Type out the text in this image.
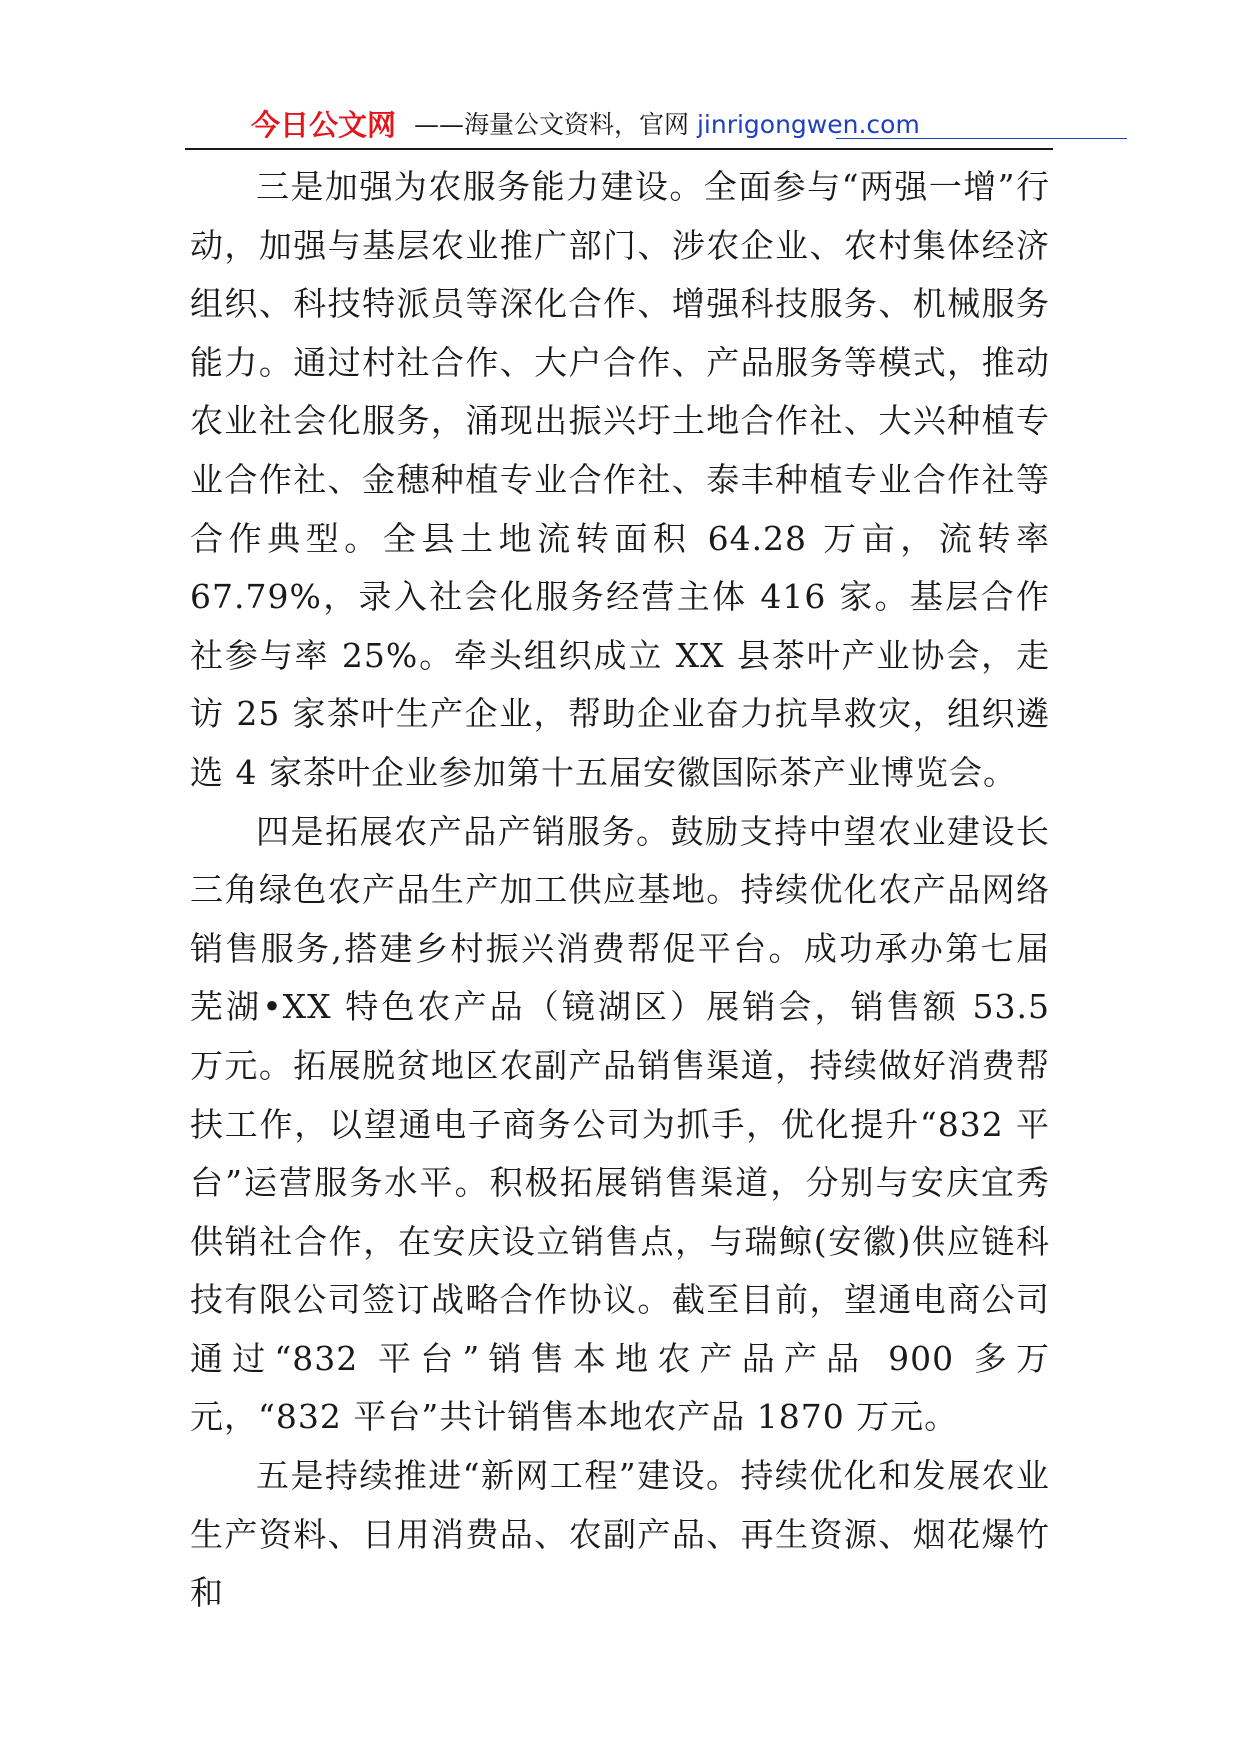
今日公文网 ——海量公文资料，官网 jinrigongwen.com

三是加强为农服务能力建设。全面参与“两强一增”行动，加强与基层农业推广部门、涉农企业、农村集体经济组织、科技特派员等深化合作、增强科技服务、机械服务能力。通过村社合作、大户合作、产品服务等模式，推动农业社会化服务，涌现出振兴圩土地合作社、大兴种植专业合作社、金穗种植专业合作社、泰丰种植专业合作社等合作典型。全县土地流转面积 64.28 万亩，流转率 67.79%，录入社会化服务经营主体 416 家。基层合作社参与率 25%。牵头组织成立 XX 县茶叶产业协会，走访 25 家茶叶生产企业，帮助企业奋力抗旱救灾，组织遴选 4 家茶叶企业参加第十五届安徽国际茶产业博览会。

四是拓展农产品产销服务。鼓励支持中望农业建设长三角绿色农产品生产加工供应基地。持续优化农产品网络销售服务,搭建乡村振兴消费帮促平台。成功承办第七届芜湖•XX 特色农产品（镜湖区）展销会，销售额 53.5 万元。拓展脱贫地区农副产品销售渠道，持续做好消费帮扶工作，以望通电子商务公司为抓手，优化提升“832 平台”运营服务水平。积极拓展销售渠道，分别与安庆宜秀供销社合作，在安庆设立销售点，与瑞鲸(安徽)供应链科技有限公司签订战略合作协议。截至目前，望通电商公司通过“832 平台”销售本地农产品产品 900 多万元，“832 平台”共计销售本地农产品 1870 万元。

五是持续推进“新网工程”建设。持续优化和发展农业生产资料、日用消费品、农副产品、再生资源、烟花爆竹和
